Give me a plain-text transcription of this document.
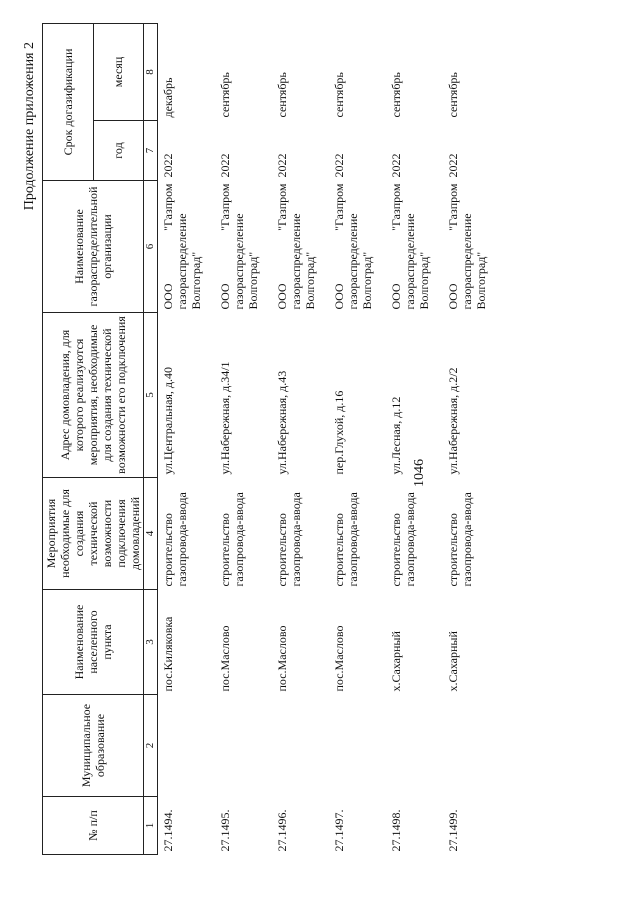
1046
Продолжение приложения 2
№ п/п	Муниципальное образование	Наименование населенного пункта	Мероприятия необходимые для создания технической возможности подключения домовладений	Адрес домовладения, для которого реализуются мероприятия, необходимые для создания технической возможности его подключения	Наименование газораспределительной организации	Срок догазификации	
						год	месяц
1	2	3	4	5	6	7	8
27.1494.		пос.Киляковка	строительство газопровода-ввода	ул.Центральная, д.40	ООО "Газпром газораспределение Волгоград"	2022	декабрь
27.1495.		пос.Маслово	строительство газопровода-ввода	ул.Набережная, д.34/1	ООО "Газпром газораспределение Волгоград"	2022	сентябрь
27.1496.		пос.Маслово	строительство газопровода-ввода	ул.Набережная, д.43	ООО "Газпром газораспределение Волгоград"	2022	сентябрь
27.1497.		пос.Маслово	строительство газопровода-ввода	пер.Глухой, д.16	ООО "Газпром газораспределение Волгоград"	2022	сентябрь
27.1498.		х.Сахарный	строительство газопровода-ввода	ул.Лесная, д.12	ООО "Газпром газораспределение Волгоград"	2022	сентябрь
27.1499.		х.Сахарный	строительство газопровода-ввода	ул.Набережная, д.2/2	ООО "Газпром газораспределение Волгоград"	2022	сентябрь
